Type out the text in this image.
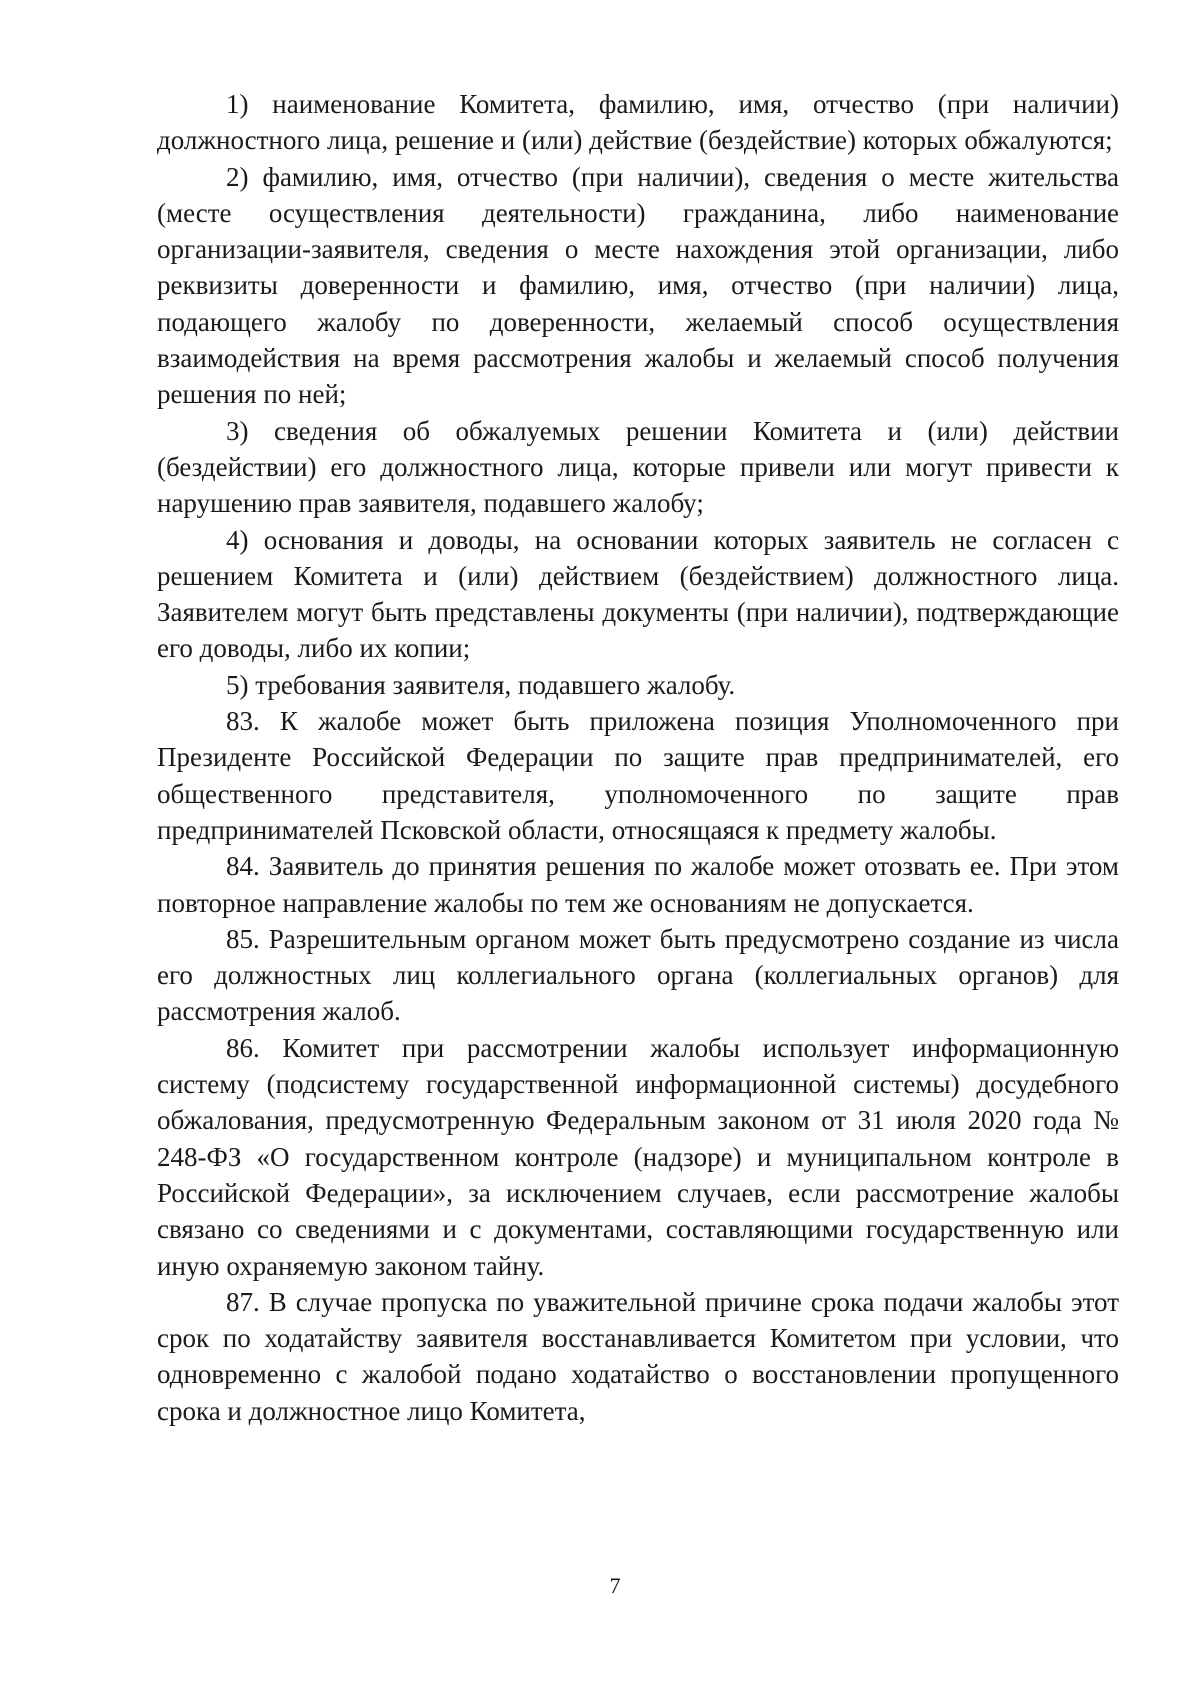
1) наименование Комитета, фамилию, имя, отчество (при наличии) должностного лица, решение и (или) действие (бездействие) которых обжалуются;

2) фамилию, имя, отчество (при наличии), сведения о месте жительства (месте осуществления деятельности) гражданина, либо наименование организации-заявителя, сведения о месте нахождения этой организации, либо реквизиты доверенности и фамилию, имя, отчество (при наличии) лица, подающего жалобу по доверенности, желаемый способ осуществления взаимодействия на время рассмотрения жалобы и желаемый способ получения решения по ней;

3) сведения об обжалуемых решении Комитета и (или) действии (бездействии) его должностного лица, которые привели или могут привести к нарушению прав заявителя, подавшего жалобу;

4) основания и доводы, на основании которых заявитель не согласен с решением Комитета и (или) действием (бездействием) должностного лица. Заявителем могут быть представлены документы (при наличии), подтверждающие его доводы, либо их копии;

5) требования заявителя, подавшего жалобу.

83. К жалобе может быть приложена позиция Уполномоченного при Президенте Российской Федерации по защите прав предпринимателей, его общественного представителя, уполномоченного по защите прав предпринимателей Псковской области, относящаяся к предмету жалобы.

84. Заявитель до принятия решения по жалобе может отозвать ее. При этом повторное направление жалобы по тем же основаниям не допускается.

85. Разрешительным органом может быть предусмотрено создание из числа его должностных лиц коллегиального органа (коллегиальных органов) для рассмотрения жалоб.

86. Комитет при рассмотрении жалобы использует информационную систему (подсистему государственной информационной системы) досудебного обжалования, предусмотренную Федеральным законом от 31 июля 2020 года № 248-ФЗ «О государственном контроле (надзоре) и муниципальном контроле в Российской Федерации», за исключением случаев, если рассмотрение жалобы связано со сведениями и с документами, составляющими государственную или иную охраняемую законом тайну.

87. В случае пропуска по уважительной причине срока подачи жалобы этот срок по ходатайству заявителя восстанавливается Комитетом при условии, что одновременно с жалобой подано ходатайство о восстановлении пропущенного срока и должностное лицо Комитета,

7
